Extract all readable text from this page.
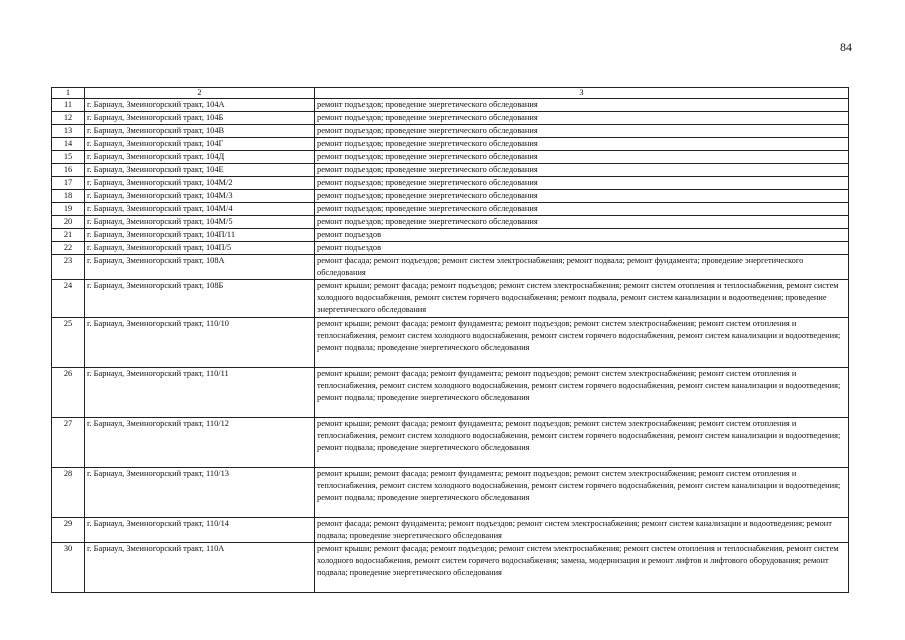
84
1	2	3
11	г. Барнаул, Змеиногорский тракт, 104А	ремонт подъездов; проведение энергетического обследования
12	г. Барнаул, Змеиногорский тракт, 104Б	ремонт подъездов; проведение энергетического обследования
13	г. Барнаул, Змеиногорский тракт, 104В	ремонт подъездов; проведение энергетического обследования
14	г. Барнаул, Змеиногорский тракт, 104Г	ремонт подъездов; проведение энергетического обследования
15	г. Барнаул, Змеиногорский тракт, 104Д	ремонт подъездов; проведение энергетического обследования
16	г. Барнаул, Змеиногорский тракт, 104Е	ремонт подъездов; проведение энергетического обследования
17	г. Барнаул, Змеиногорский тракт, 104М/2	ремонт подъездов; проведение энергетического обследования
18	г. Барнаул, Змеиногорский тракт, 104М/3	ремонт подъездов; проведение энергетического обследования
19	г. Барнаул, Змеиногорский тракт, 104М/4	ремонт подъездов; проведение энергетического обследования
20	г. Барнаул, Змеиногорский тракт, 104М/5	ремонт подъездов; проведение энергетического обследования
21	г. Барнаул, Змеиногорский тракт, 104П/11	ремонт подъездов
22	г. Барнаул, Змеиногорский тракт, 104П/5	ремонт подъездов
23	г. Барнаул, Змеиногорский тракт, 108А	ремонт фасада; ремонт подъездов; ремонт систем электроснабжения; ремонт подвала; ремонт фундамента; проведение энергетического обследования
24	г. Барнаул, Змеиногорский тракт, 108Б	ремонт крыши; ремонт фасада; ремонт подъездов; ремонт систем электроснабжения; ремонт систем отопления и теплоснабжения, ремонт систем холодного водоснабжения, ремонт систем горячего водоснабжения; ремонт подвала, ремонт систем канализации и водоотведения; проведение энергетического обследования
25	г. Барнаул, Змеиногорский тракт, 110/10	ремонт крыши; ремонт фасада; ремонт фундамента; ремонт подъездов; ремонт систем электроснабжения; ремонт систем отопления и теплоснабжения, ремонт систем холодного водоснабжения, ремонт систем горячего водоснабжения, ремонт систем канализации и водоотведения; ремонт подвала; проведение энергетического обследования
26	г. Барнаул, Змеиногорский тракт, 110/11	ремонт крыши; ремонт фасада; ремонт фундамента; ремонт подъездов; ремонт систем электроснабжения; ремонт систем отопления и теплоснабжения, ремонт систем холодного водоснабжения, ремонт систем горячего водоснабжения, ремонт систем канализации и водоотведения; ремонт подвала; проведение энергетического обследования
27	г. Барнаул, Змеиногорский тракт, 110/12	ремонт крыши; ремонт фасада; ремонт фундамента; ремонт подъездов; ремонт систем электроснабжения; ремонт систем отопления и теплоснабжения, ремонт систем холодного водоснабжения, ремонт систем горячего водоснабжения, ремонт систем канализации и водоотведения; ремонт подвала; проведение энергетического обследования
28	г. Барнаул, Змеиногорский тракт, 110/13	ремонт крыши; ремонт фасада; ремонт фундамента; ремонт подъездов; ремонт систем электроснабжения; ремонт систем отопления и теплоснабжения, ремонт систем холодного водоснабжения, ремонт систем горячего водоснабжения, ремонт систем канализации и водоотведения; ремонт подвала; проведение энергетического обследования
29	г. Барнаул, Змеиногорский тракт, 110/14	ремонт фасада; ремонт фундамента; ремонт подъездов; ремонт систем электроснабжения; ремонт систем канализации и водоотведения; ремонт подвала; проведение энергетического обследования
30	г. Барнаул, Змеиногорский тракт, 110А	ремонт крыши; ремонт фасада; ремонт подъездов; ремонт систем электроснабжения; ремонт систем отопления и теплоснабжения, ремонт систем холодного водоснабжения, ремонт систем горячего водоснабжения; замена, модернизация и ремонт лифтов и лифтового оборудования; ремонт подвала; проведение энергетического обследования
